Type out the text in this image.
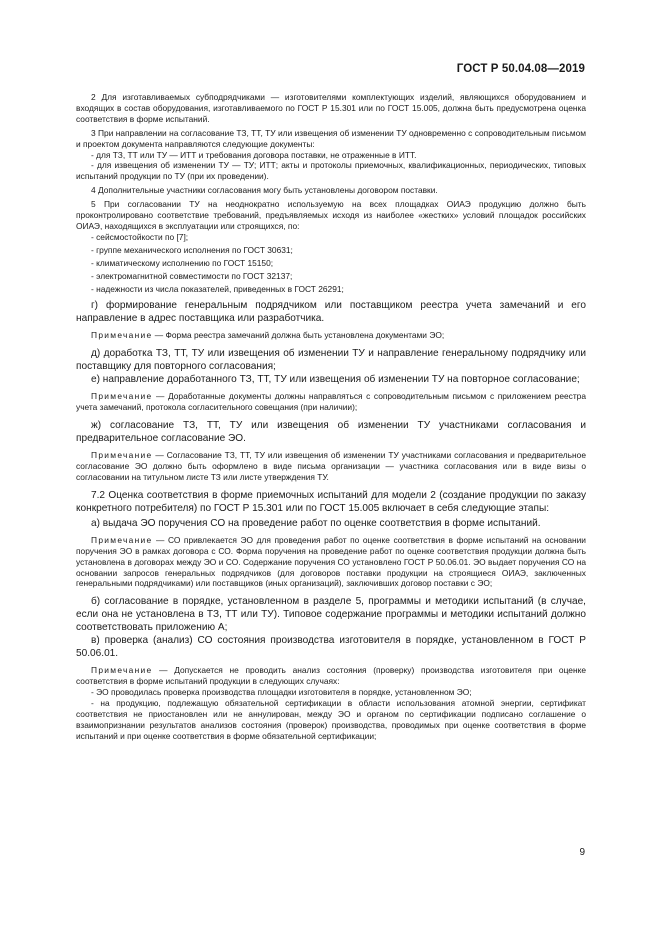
ГОСТ Р 50.04.08—2019

2 Для изготавливаемых субподрядчиками — изготовителями комплектующих изделий, являющихся оборудованием и входящих в состав оборудования, изготавливаемого по ГОСТ Р 15.301 или по ГОСТ 15.005, должна быть предусмотрена оценка соответствия в форме испытаний.

3 При направлении на согласование ТЗ, ТТ, ТУ или извещения об изменении ТУ одновременно с сопроводительным письмом и проектом документа направляются следующие документы:

- для ТЗ, ТТ или ТУ — ИТТ и требования договора поставки, не отраженные в ИТТ.

- для извещения об изменении ТУ — ТУ; ИТТ; акты и протоколы приемочных, квалификационных, периодических, типовых испытаний продукции по ТУ (при их проведении).

4 Дополнительные участники согласования могу быть установлены договором поставки.

5 При согласовании ТУ на неоднократно используемую на всех площадках ОИАЭ продукцию должно быть проконтролировано соответствие требований, предъявляемых исходя из наиболее «жестких» условий площадок российских ОИАЭ, находящихся в эксплуатации или строящихся, по:

- сейсмостойкости по [7];

- группе механического исполнения по ГОСТ 30631;

- климатическому исполнению по ГОСТ 15150;

- электромагнитной совместимости по ГОСТ 32137;

- надежности из числа показателей, приведенных в ГОСТ 26291;

г) формирование генеральным подрядчиком или поставщиком реестра учета замечаний и его направление в адрес поставщика или разработчика.

Примечание — Форма реестра замечаний должна быть установлена документами ЭО;

д) доработка ТЗ, ТТ, ТУ или извещения об изменении ТУ и направление генеральному подрядчику или поставщику для повторного согласования;

е) направление доработанного ТЗ, ТТ, ТУ или извещения об изменении ТУ на повторное согласование;

Примечание — Доработанные документы должны направляться с сопроводительным письмом с приложением реестра учета замечаний, протокола согласительного совещания (при наличии);

ж) согласование ТЗ, ТТ, ТУ или извещения об изменении ТУ участниками согласования и предварительное согласование ЭО.

Примечание — Согласование ТЗ, ТТ, ТУ или извещения об изменении ТУ участниками согласования и предварительное согласование ЭО должно быть оформлено в виде письма организации — участника согласования или в виде визы о согласовании на титульном листе ТЗ или листе утверждения ТУ.

7.2 Оценка соответствия в форме приемочных испытаний для модели 2 (создание продукции по заказу конкретного потребителя) по ГОСТ Р 15.301 или по ГОСТ 15.005 включает в себя следующие этапы:

а) выдача ЭО поручения СО на проведение работ по оценке соответствия в форме испытаний.

Примечание — СО привлекается ЭО для проведения работ по оценке соответствия в форме испытаний на основании поручения ЭО в рамках договора с СО. Форма поручения на проведение работ по оценке соответствия продукции должна быть установлена в договорах между ЭО и СО. Содержание поручения СО установлено ГОСТ Р 50.06.01. ЭО выдает поручения СО на основании запросов генеральных подрядчиков (для договоров поставки продукции на строящиеся ОИАЭ, заключенных генеральными подрядчиками) или поставщиков (иных организаций), заключивших договор поставки с ЭО;

б) согласование в порядке, установленном в разделе 5, программы и методики испытаний (в случае, если она не установлена в ТЗ, ТТ или ТУ). Типовое содержание программы и методики испытаний должно соответствовать приложению А;

в) проверка (анализ) СО состояния производства изготовителя в порядке, установленном в ГОСТ Р 50.06.01.

Примечание — Допускается не проводить анализ состояния (проверку) производства изготовителя при оценке соответствия в форме испытаний продукции в следующих случаях:

- ЭО проводилась проверка производства площадки изготовителя в порядке, установленном ЭО;

- на продукцию, подлежащую обязательной сертификации в области использования атомной энергии, сертификат соответствия не приостановлен или не аннулирован, между ЭО и органом по сертификации подписано соглашение о взаимопризнании результатов анализов состояния (проверок) производства, проводимых при оценке соответствия в форме испытаний и при оценке соответствия в форме обязательной сертификации;

9
